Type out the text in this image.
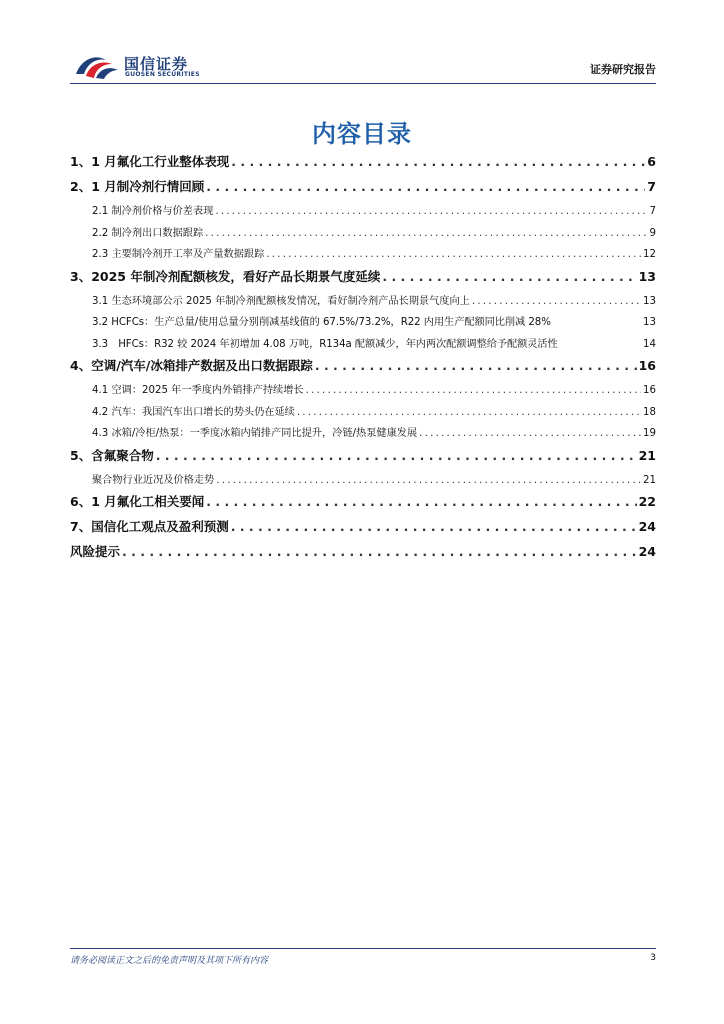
国信证券
GUOSEN SECURITIES	证券研究报告
内容目录
1、1 月氟化工行业整体表现 . . .	6
2、1 月制冷剂行情回顾 . . .	7
2.1 制冷剂价格与价差表现 . . .	7
2.2 制冷剂出口数据跟踪 . . .	9
2.3 主要制冷剂开工率及产量数据跟踪 . . .	12
3、2025 年制冷剂配额核发，看好产品长期景气度延续 . . .	13
3.1 生态环境部公示 2025 年制冷剂配额核发情况，看好制冷剂产品长期景气度向上 . . .	13
3.2 HCFCs：生产总量/使用总量分别削减基线值的 67.5%/73.2%，R22 内用生产配额同比削减 28%	13
3.3　HFCs：R32 较 2024 年初增加 4.08 万吨，R134a 配额减少，年内两次配额调整给予配额灵活性	14
4、空调/汽车/冰箱排产数据及出口数据跟踪 . . .	16
4.1 空调：2025 年一季度内外销排产持续增长 . . .	16
4.2 汽车：我国汽车出口增长的势头仍在延续 . . .	18
4.3 冰箱/冷柜/热泵：一季度冰箱内销排产同比提升，冷链/热泵健康发展 . . .	19
5、含氟聚合物 . . .	21
聚合物行业近况及价格走势 . . .	21
6、1 月氟化工相关要闻 . . .	22
7、国信化工观点及盈利预测 . . .	24
风险提示 . . .	24
请务必阅读正文之后的免责声明及其项下所有内容	3
